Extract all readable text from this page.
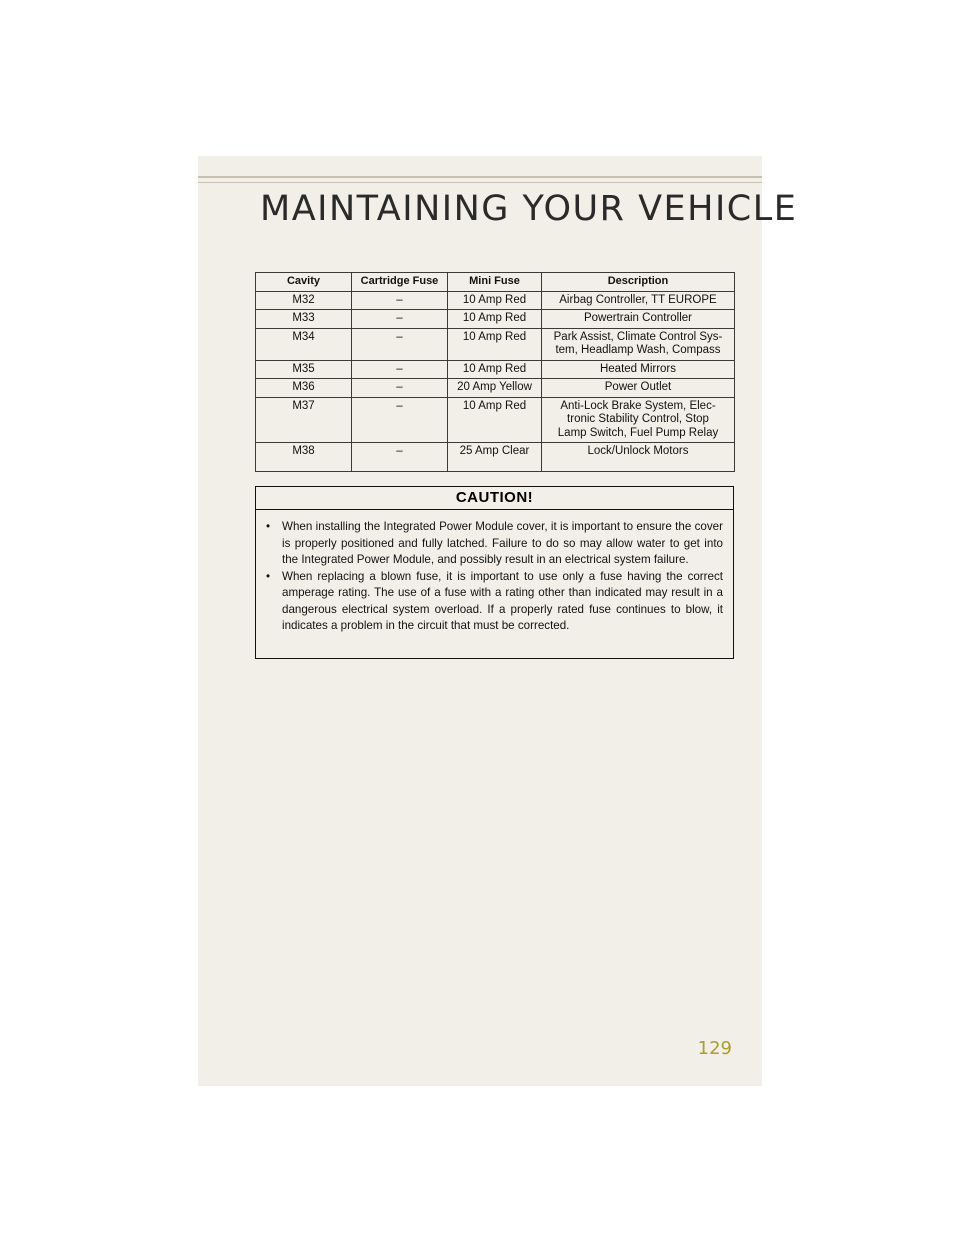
MAINTAINING YOUR VEHICLE
Cavity	Cartridge Fuse	Mini Fuse	Description
M32	–	10 Amp Red	Airbag Controller, TT EUROPE
M33	–	10 Amp Red	Powertrain Controller
M34	–	10 Amp Red	Park Assist, Climate Control Sys-
tem, Headlamp Wash, Compass
M35	–	10 Amp Red	Heated Mirrors
M36	–	20 Amp Yellow	Power Outlet
M37	–	10 Amp Red	Anti-Lock Brake System, Elec-
tronic Stability Control, Stop
Lamp Switch, Fuel Pump Relay
M38	–	25 Amp Clear	Lock/Unlock Motors
CAUTION!
• When installing the Integrated Power Module cover, it is important to ensure the cover is properly positioned and fully latched. Failure to do so may allow water to get into the Integrated Power Module, and possibly result in an electrical system failure.
• When replacing a blown fuse, it is important to use only a fuse having the correct amperage rating. The use of a fuse with a rating other than indicated may result in a dangerous electrical system overload. If a properly rated fuse continues to blow, it indicates a problem in the circuit that must be corrected.
129
